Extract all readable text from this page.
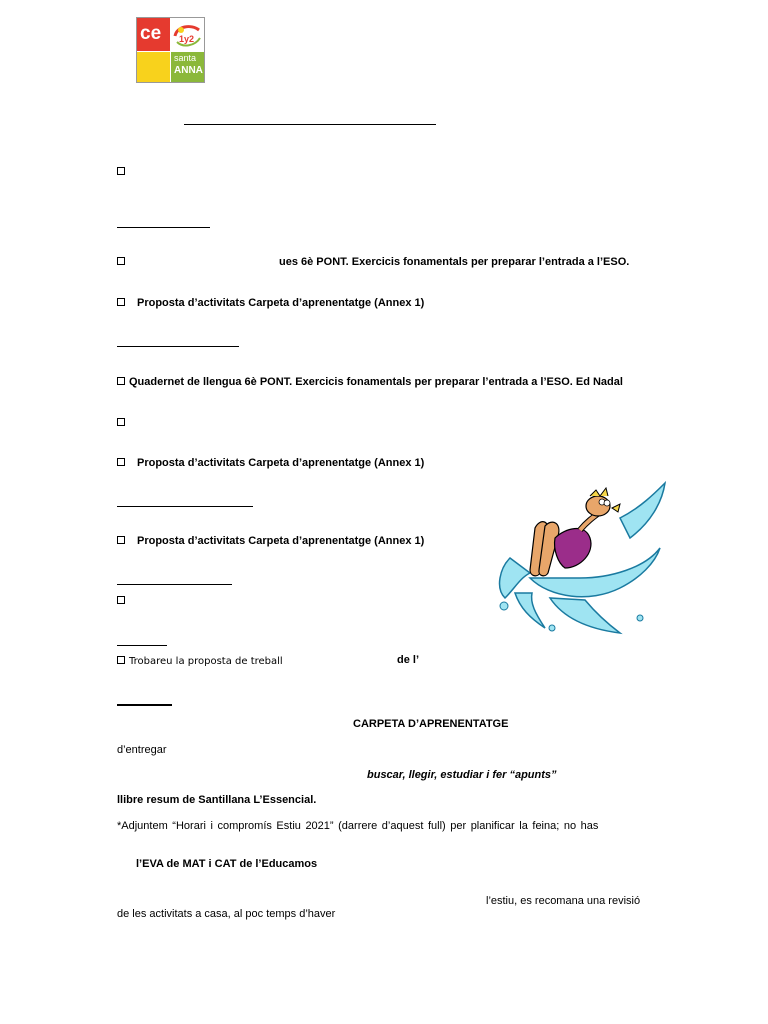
ce 1y2
santa
ANNA
ues 6è PONT. Exercicis fonamentals per preparar l’entrada a l’ESO.
Proposta d’activitats Carpeta d’aprenentatge (Annex 1)
Quadernet de llengua 6è PONT. Exercicis fonamentals per preparar l’entrada a l’ESO. Ed Nadal
Proposta d’activitats Carpeta d’aprenentatge (Annex 1)
Proposta d’activitats Carpeta d’aprenentatge (Annex 1)
Trobareu la proposta de treball	de l’
CARPETA D’APRENENTATGE
d’entregar
buscar, llegir, estudiar i fer “apunts”
llibre resum de Santillana L’Essencial.
*Adjuntem “Horari i compromís Estiu 2021” (darrere d’aquest full) per planificar la feina; no has
l’EVA de MAT i CAT de l’Educamos
l’estiu, es recomana una revisió
de les activitats a casa, al poc temps d’haver
